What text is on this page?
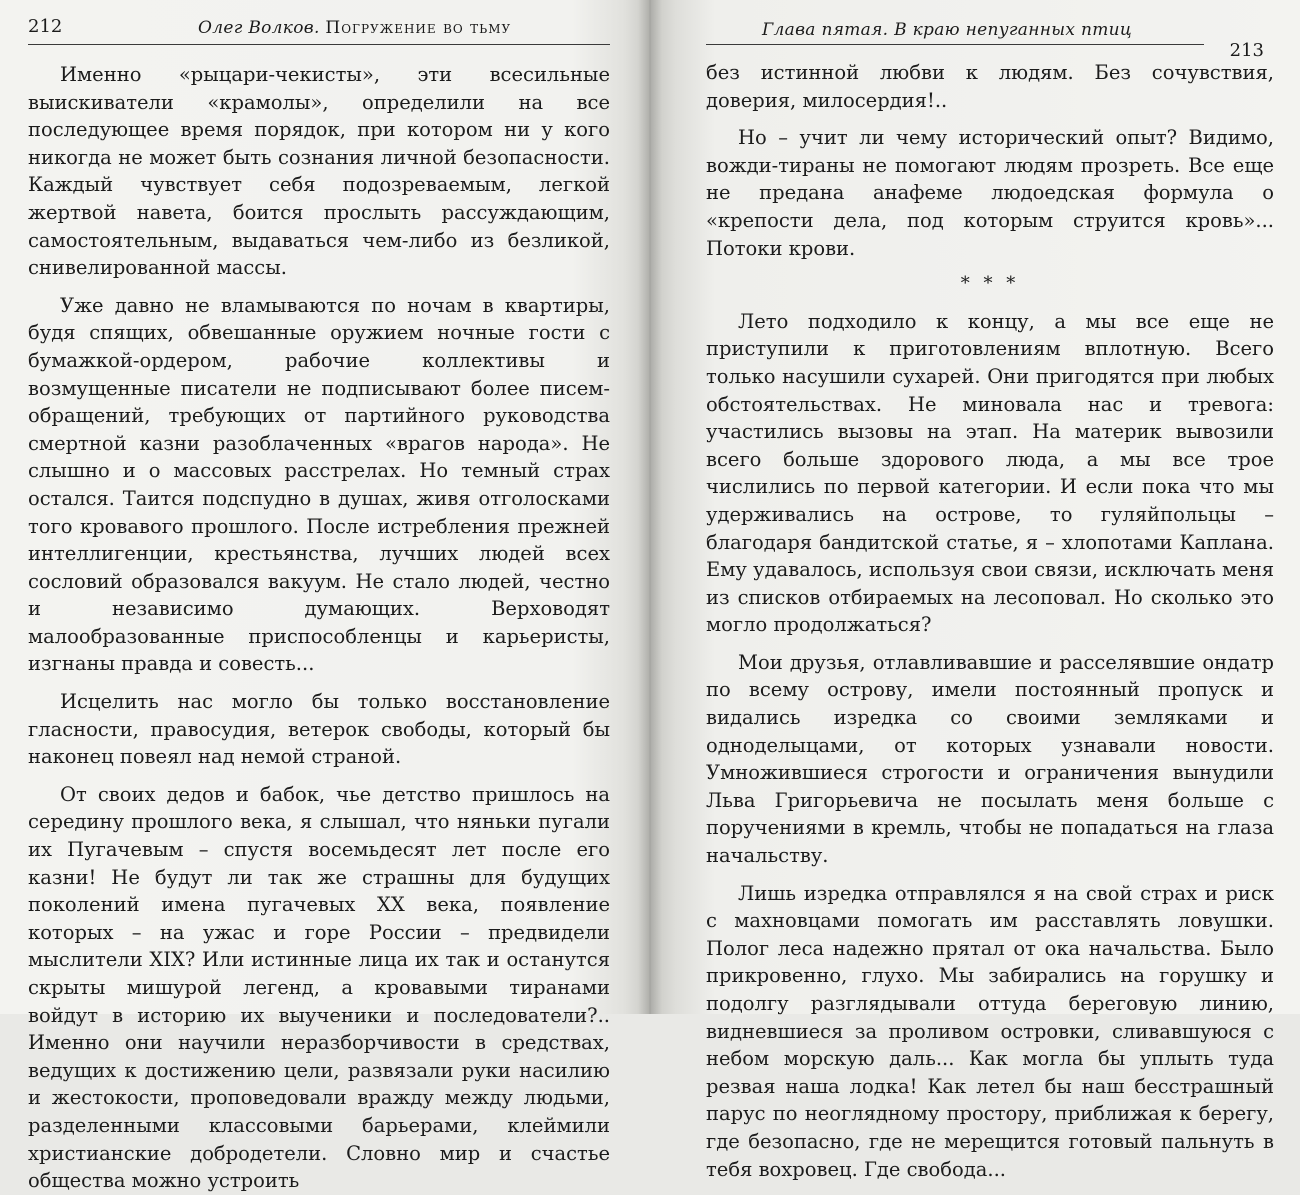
212	Олег Волков. Погружение во тьму

Именно «рыцари-чекисты», эти всесильные выискиватели «крамолы», определили на все последующее время порядок, при котором ни у кого никогда не может быть сознания личной безопасности. Каждый чувствует себя подозреваемым, легкой жертвой навета, боится прослыть рассуждающим, самостоятельным, выдаваться чем-либо из безликой, снивелированной массы.

Уже давно не вламываются по ночам в квартиры, будя спящих, обвешанные оружием ночные гости с бумажкой-ордером, рабочие коллективы и возмущенные писатели не подписывают более писем-обращений, требующих от партийного руководства смертной казни разоблаченных «врагов народа». Не слышно и о массовых расстрелах. Но темный страх остался. Таится подспудно в душах, живя отголосками того кровавого прошлого. После истребления прежней интеллигенции, крестьянства, лучших людей всех сословий образовался вакуум. Не стало людей, честно и независимо думающих. Верховодят малообразованные приспособленцы и карьеристы, изгнаны правда и совесть...

Исцелить нас могло бы только восстановление гласности, правосудия, ветерок свободы, который бы наконец повеял над немой страной.

От своих дедов и бабок, чье детство пришлось на середину прошлого века, я слышал, что няньки пугали их Пугачевым – спустя восемьдесят лет после его казни! Не будут ли так же страшны для будущих поколений имена пугачевых XX века, появление которых – на ужас и горе России – предвидели мыслители XIX? Или истинные лица их так и останутся скрыты мишурой легенд, а кровавыми тиранами войдут в историю их выученики и последователи?.. Именно они научили неразборчивости в средствах, ведущих к достижению цели, развязали руки насилию и жестокости, проповедовали вражду между людьми, разделенными классовыми барьерами, клеймили христианские добродетели. Словно мир и счастье общества можно устроить

Глава пятая. В краю непуганных птиц
213

без истинной любви к людям. Без сочувствия, доверия, милосердия!..

Но – учит ли чему исторический опыт? Видимо, вожди-тираны не помогают людям прозреть. Все еще не предана анафеме людоедская формула о «крепости дела, под которым струится кровь»... Потоки крови.

* * *

Лето подходило к концу, а мы все еще не приступили к приготовлениям вплотную. Всего только насушили сухарей. Они пригодятся при любых обстоятельствах. Не миновала нас и тревога: участились вызовы на этап. На материк вывозили всего больше здорового люда, а мы все трое числились по первой категории. И если пока что мы удерживались на острове, то гуляйпольцы – благодаря бандитской статье, я – хлопотами Каплана. Ему удавалось, используя свои связи, исключать меня из списков отбираемых на лесоповал. Но сколько это могло продолжаться?

Мои друзья, отлавливавшие и расселявшие ондатр по всему острову, имели постоянный пропуск и видались изредка со своими земляками и одноделыцами, от которых узнавали новости. Умножившиеся строгости и ограничения вынудили Льва Григорьевича не посылать меня больше с поручениями в кремль, чтобы не попадаться на глаза начальству.

Лишь изредка отправлялся я на свой страх и риск с махновцами помогать им расставлять ловушки. Полог леса надежно прятал от ока начальства. Было прикровенно, глухо. Мы забирались на горушку и подолгу разглядывали оттуда береговую линию, видневшиеся за проливом островки, сливавшуюся с небом морскую даль... Как могла бы уплыть туда резвая наша лодка! Как летел бы наш бесстрашный парус по неоглядному простору, приближая к берегу, где безопасно, где не мерещится готовый пальнуть в тебя вохровец. Где свобода...
